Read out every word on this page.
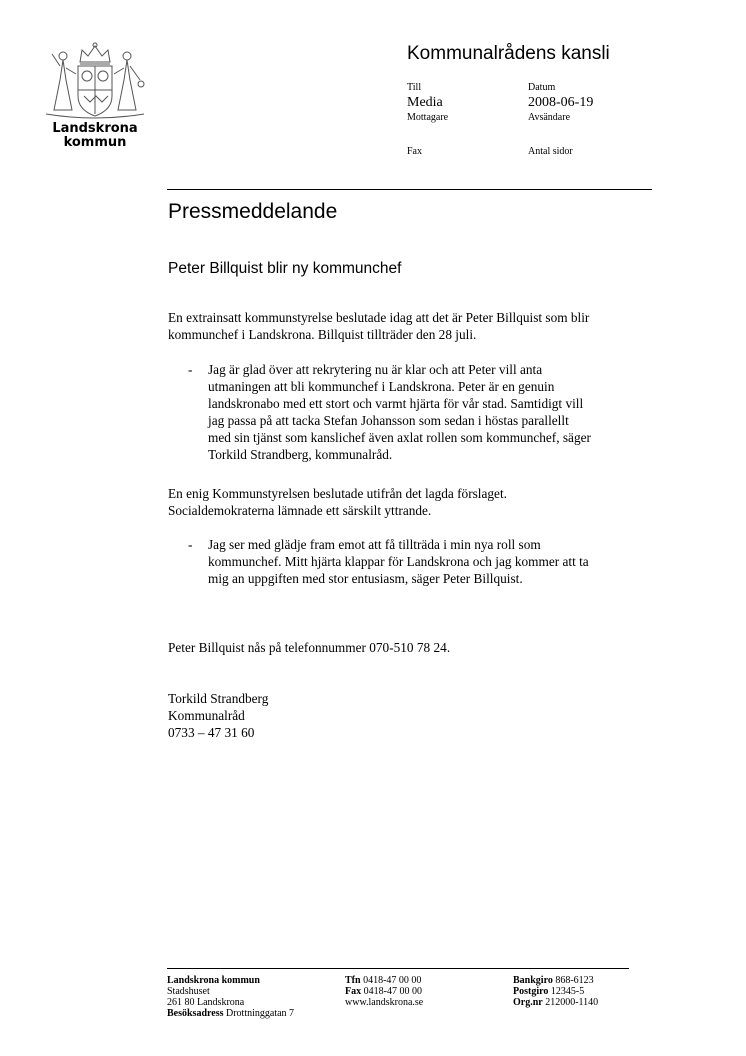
Landskrona
kommun
Kommunalrådens kansli
Till
Media
Mottagare
Fax
Datum
2008-06-19
Avsändare
Antal sidor
Pressmeddelande
Peter Billquist blir ny kommunchef
En extrainsatt kommunstyrelse beslutade idag att det är Peter Billquist som blir
kommunchef i Landskrona. Billquist tillträder den 28 juli.
- Jag är glad över att rekrytering nu är klar och att Peter vill anta
utmaningen att bli kommunchef i Landskrona. Peter är en genuin
landskronabo med ett stort och varmt hjärta för vår stad. Samtidigt vill
jag passa på att tacka Stefan Johansson som sedan i höstas parallellt
med sin tjänst som kanslichef även axlat rollen som kommunchef, säger
Torkild Strandberg, kommunalråd.
En enig Kommunstyrelsen beslutade utifrån det lagda förslaget.
Socialdemokraterna lämnade ett särskilt yttrande.
- Jag ser med glädje fram emot att få tillträda i min nya roll som
kommunchef. Mitt hjärta klappar för Landskrona och jag kommer att ta
mig an uppgiften med stor entusiasm, säger Peter Billquist.
Peter Billquist nås på telefonnummer 070-510 78 24.
Torkild Strandberg
Kommunalråd
0733 – 47 31 60
Landskrona kommun
Stadshuset
261 80 Landskrona
Besöksadress Drottninggatan 7
Tfn 0418-47 00 00
Fax 0418-47 00 00
www.landskrona.se
Bankgiro 868-6123
Postgiro 12345-5
Org.nr 212000-1140
